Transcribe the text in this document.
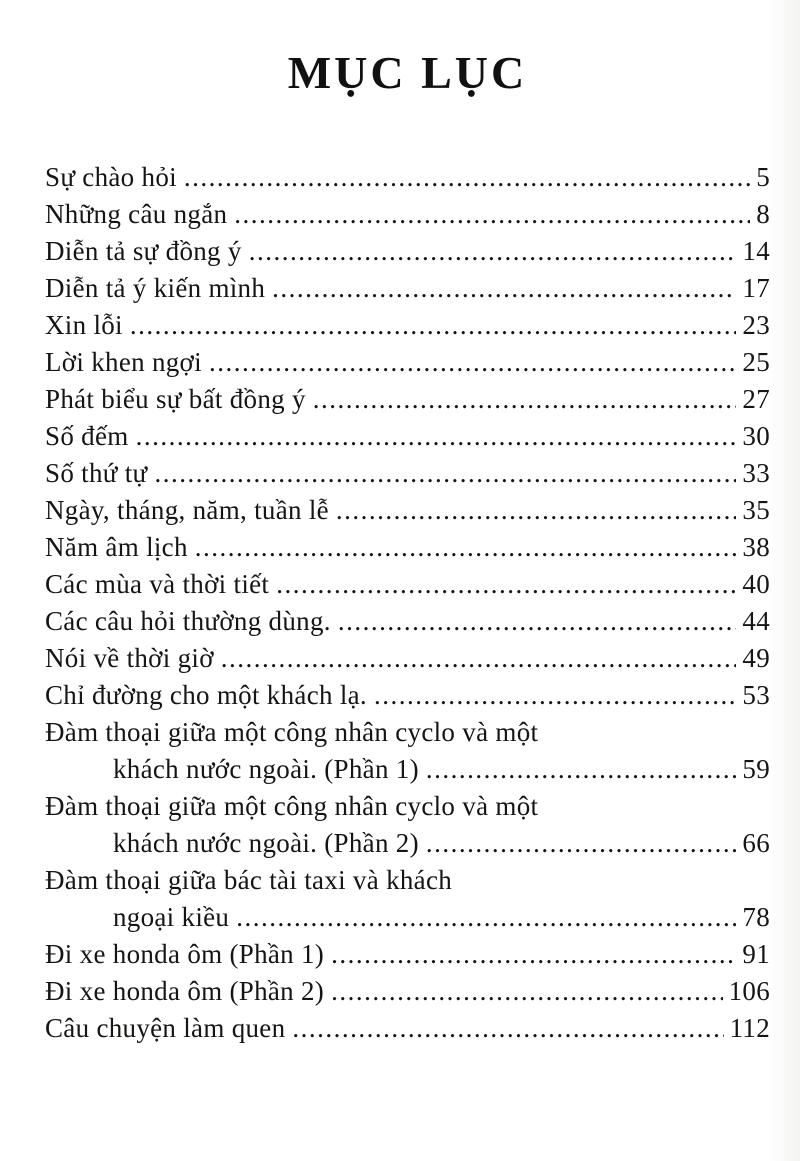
MỤC LỤC
Sự chào hỏi .....	5
Những câu ngắn .....	8
Diễn tả sự đồng ý .....	14
Diễn tả ý kiến mình .....	17
Xin lỗi .....	23
Lời khen ngợi .....	25
Phát biểu sự bất đồng ý .....	27
Số đếm .....	30
Số thứ tự .....	33
Ngày, tháng, năm, tuần lễ .....	35
Năm âm lịch .....	38
Các mùa và thời tiết .....	40
Các câu hỏi thường dùng. .....	44
Nói về thời giờ .....	49
Chỉ đường cho một khách lạ. .....	53
Đàm thoại giữa một công nhân cyclo và một
khách nước ngoài. (Phần 1) .....	59
Đàm thoại giữa một công nhân cyclo và một
khách nước ngoài. (Phần 2) .....	66
Đàm thoại giữa bác tài taxi và khách
ngoại kiều .....	78
Đi xe honda ôm (Phần 1) .....	91
Đi xe honda ôm (Phần 2) .....	106
Câu chuyện làm quen .....	112
